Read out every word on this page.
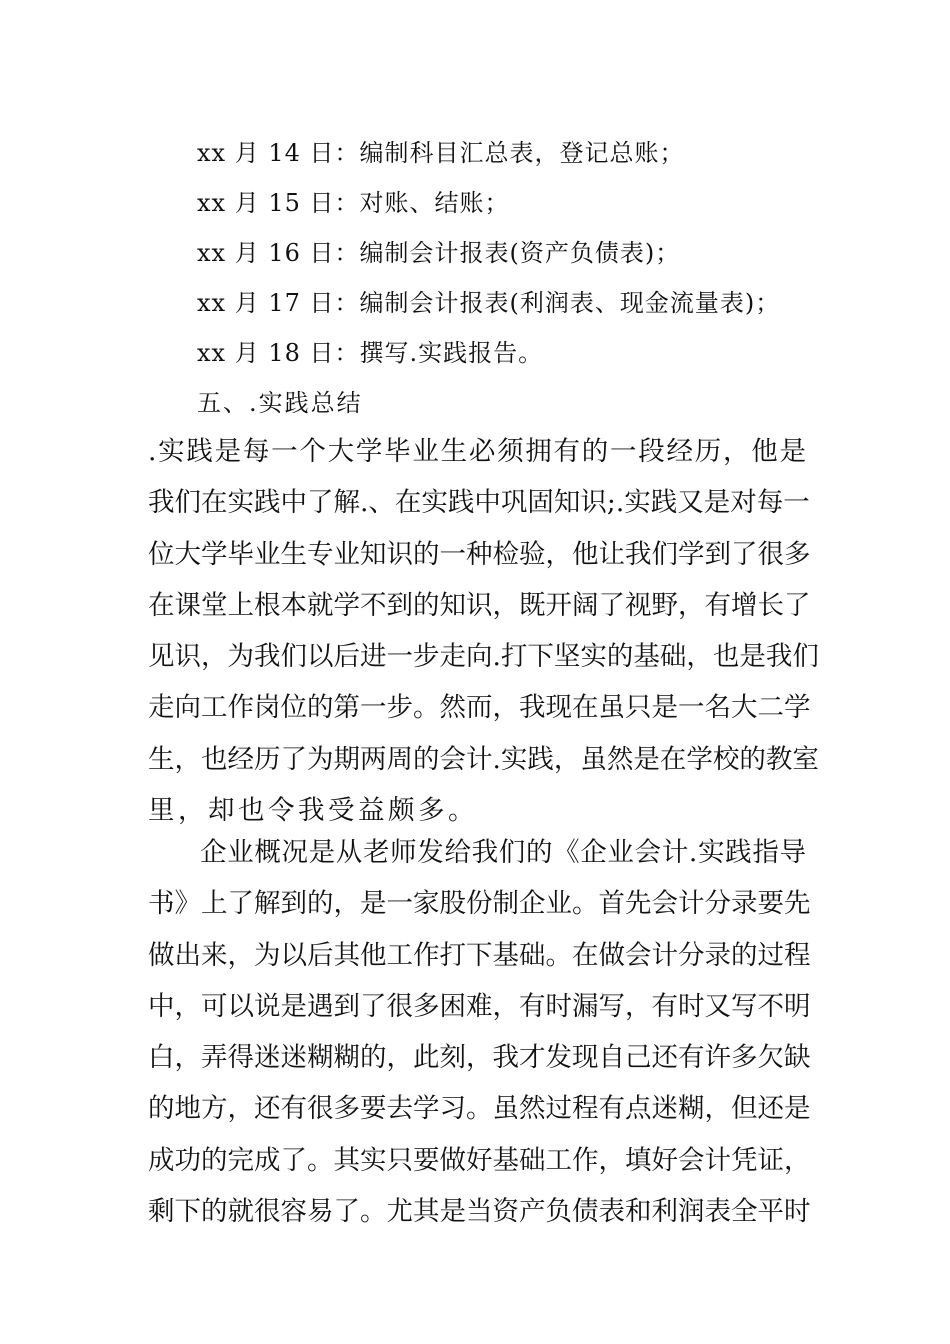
xx 月 14 日：编制科目汇总表，登记总账；
xx 月 15 日：对账、结账；
xx 月 16 日：编制会计报表(资产负债表)；
xx 月 17 日：编制会计报表(利润表、现金流量表)；
xx 月 18 日：撰写.实践报告。
五、.实践总结
.实践是每一个大学毕业生必须拥有的一段经历，他是
我们在实践中了解.、在实践中巩固知识;.实践又是对每一
位大学毕业生专业知识的一种检验，他让我们学到了很多
在课堂上根本就学不到的知识，既开阔了视野，有增长了
见识，为我们以后进一步走向.打下坚实的基础，也是我们
走向工作岗位的第一步。然而，我现在虽只是一名大二学
生，也经历了为期两周的会计.实践，虽然是在学校的教室
里，却也令我受益颇多。
企业概况是从老师发给我们的《企业会计.实践指导
书》上了解到的，是一家股份制企业。首先会计分录要先
做出来，为以后其他工作打下基础。在做会计分录的过程
中，可以说是遇到了很多困难，有时漏写，有时又写不明
白，弄得迷迷糊糊的，此刻，我才发现自己还有许多欠缺
的地方，还有很多要去学习。虽然过程有点迷糊，但还是
成功的完成了。其实只要做好基础工作，填好会计凭证，
剩下的就很容易了。尤其是当资产负债表和利润表全平时
